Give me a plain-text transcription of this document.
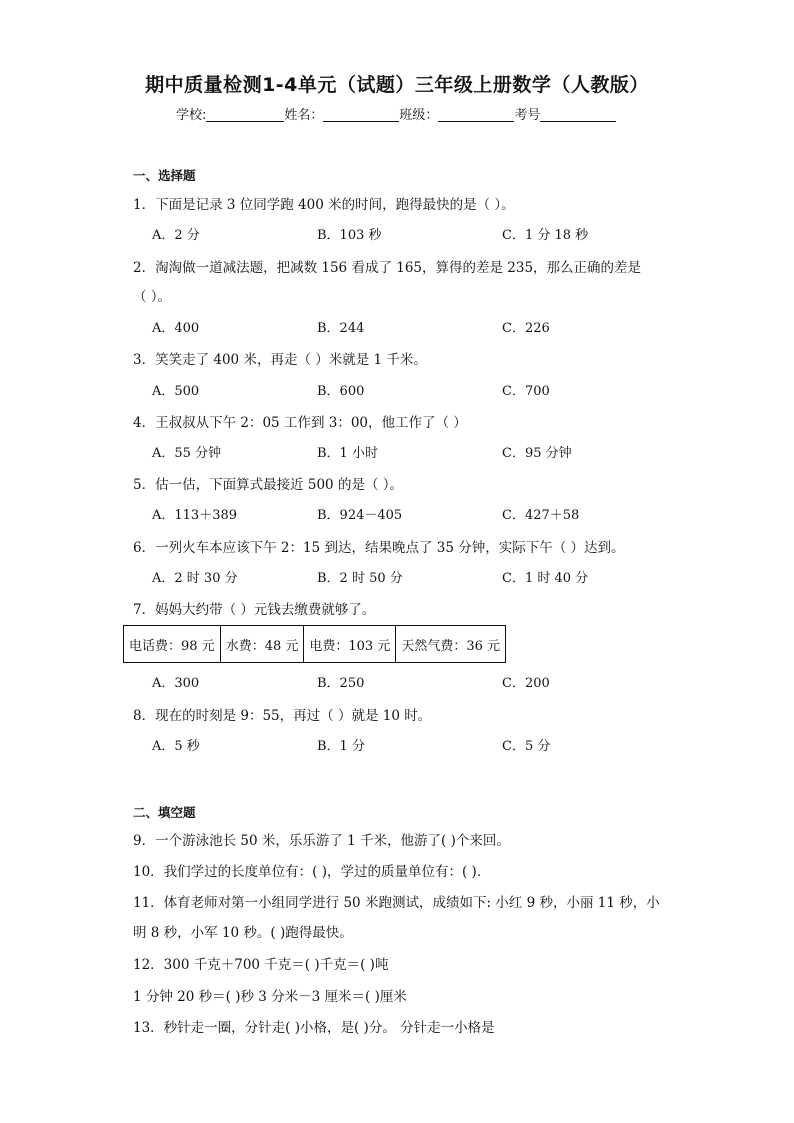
期中质量检测1-4单元（试题）三年级上册数学（人教版）
学校:	姓名：	班级：	考号
一、选择题
1．下面是记录 3 位同学跑 400 米的时间，跑得最快的是（ ）。
A．2 分	B．103 秒	C．1 分 18 秒
2．淘淘做一道减法题，把减数 156 看成了 165，算得的差是 235，那么正确的差是
（ ）。
A．400	B．244	C．226
3．笑笑走了 400 米，再走（ ）米就是 1 千米。
A．500	B．600	C．700
4．王叔叔从下午 2：05 工作到 3：00，他工作了（ ）
A．55 分钟	B．1 小时	C．95 分钟
5．估一估，下面算式最接近 500 的是（ ）。
A．113＋389	B．924－405	C．427＋58
6．一列火车本应该下午 2：15 到达，结果晚点了 35 分钟，实际下午（ ）达到。
A．2 时 30 分	B．2 时 50 分	C．1 时 40 分
7．妈妈大约带（ ）元钱去缴费就够了。
电话费：98 元	水费：48 元	电费：103 元	天然气费：36 元
A．300	B．250	C．200
8．现在的时刻是 9：55，再过（ ）就是 10 时。
A．5 秒	B．1 分	C．5 分
二、填空题
9．一个游泳池长 50 米，乐乐游了 1 千米，他游了( )个来回。
10．我们学过的长度单位有：( )，学过的质量单位有：( )．
11．体育老师对第一小组同学进行 50 米跑测试，成绩如下: 小红 9 秒，小丽 11 秒，小
明 8 秒，小军 10 秒。( )跑得最快。
12．300 千克＋700 千克＝( )千克＝( )吨
1 分钟 20 秒＝( )秒 3 分米－3 厘米＝( )厘米
13．秒针走一圈，分针走( )小格，是( )分。 分针走一小格是
